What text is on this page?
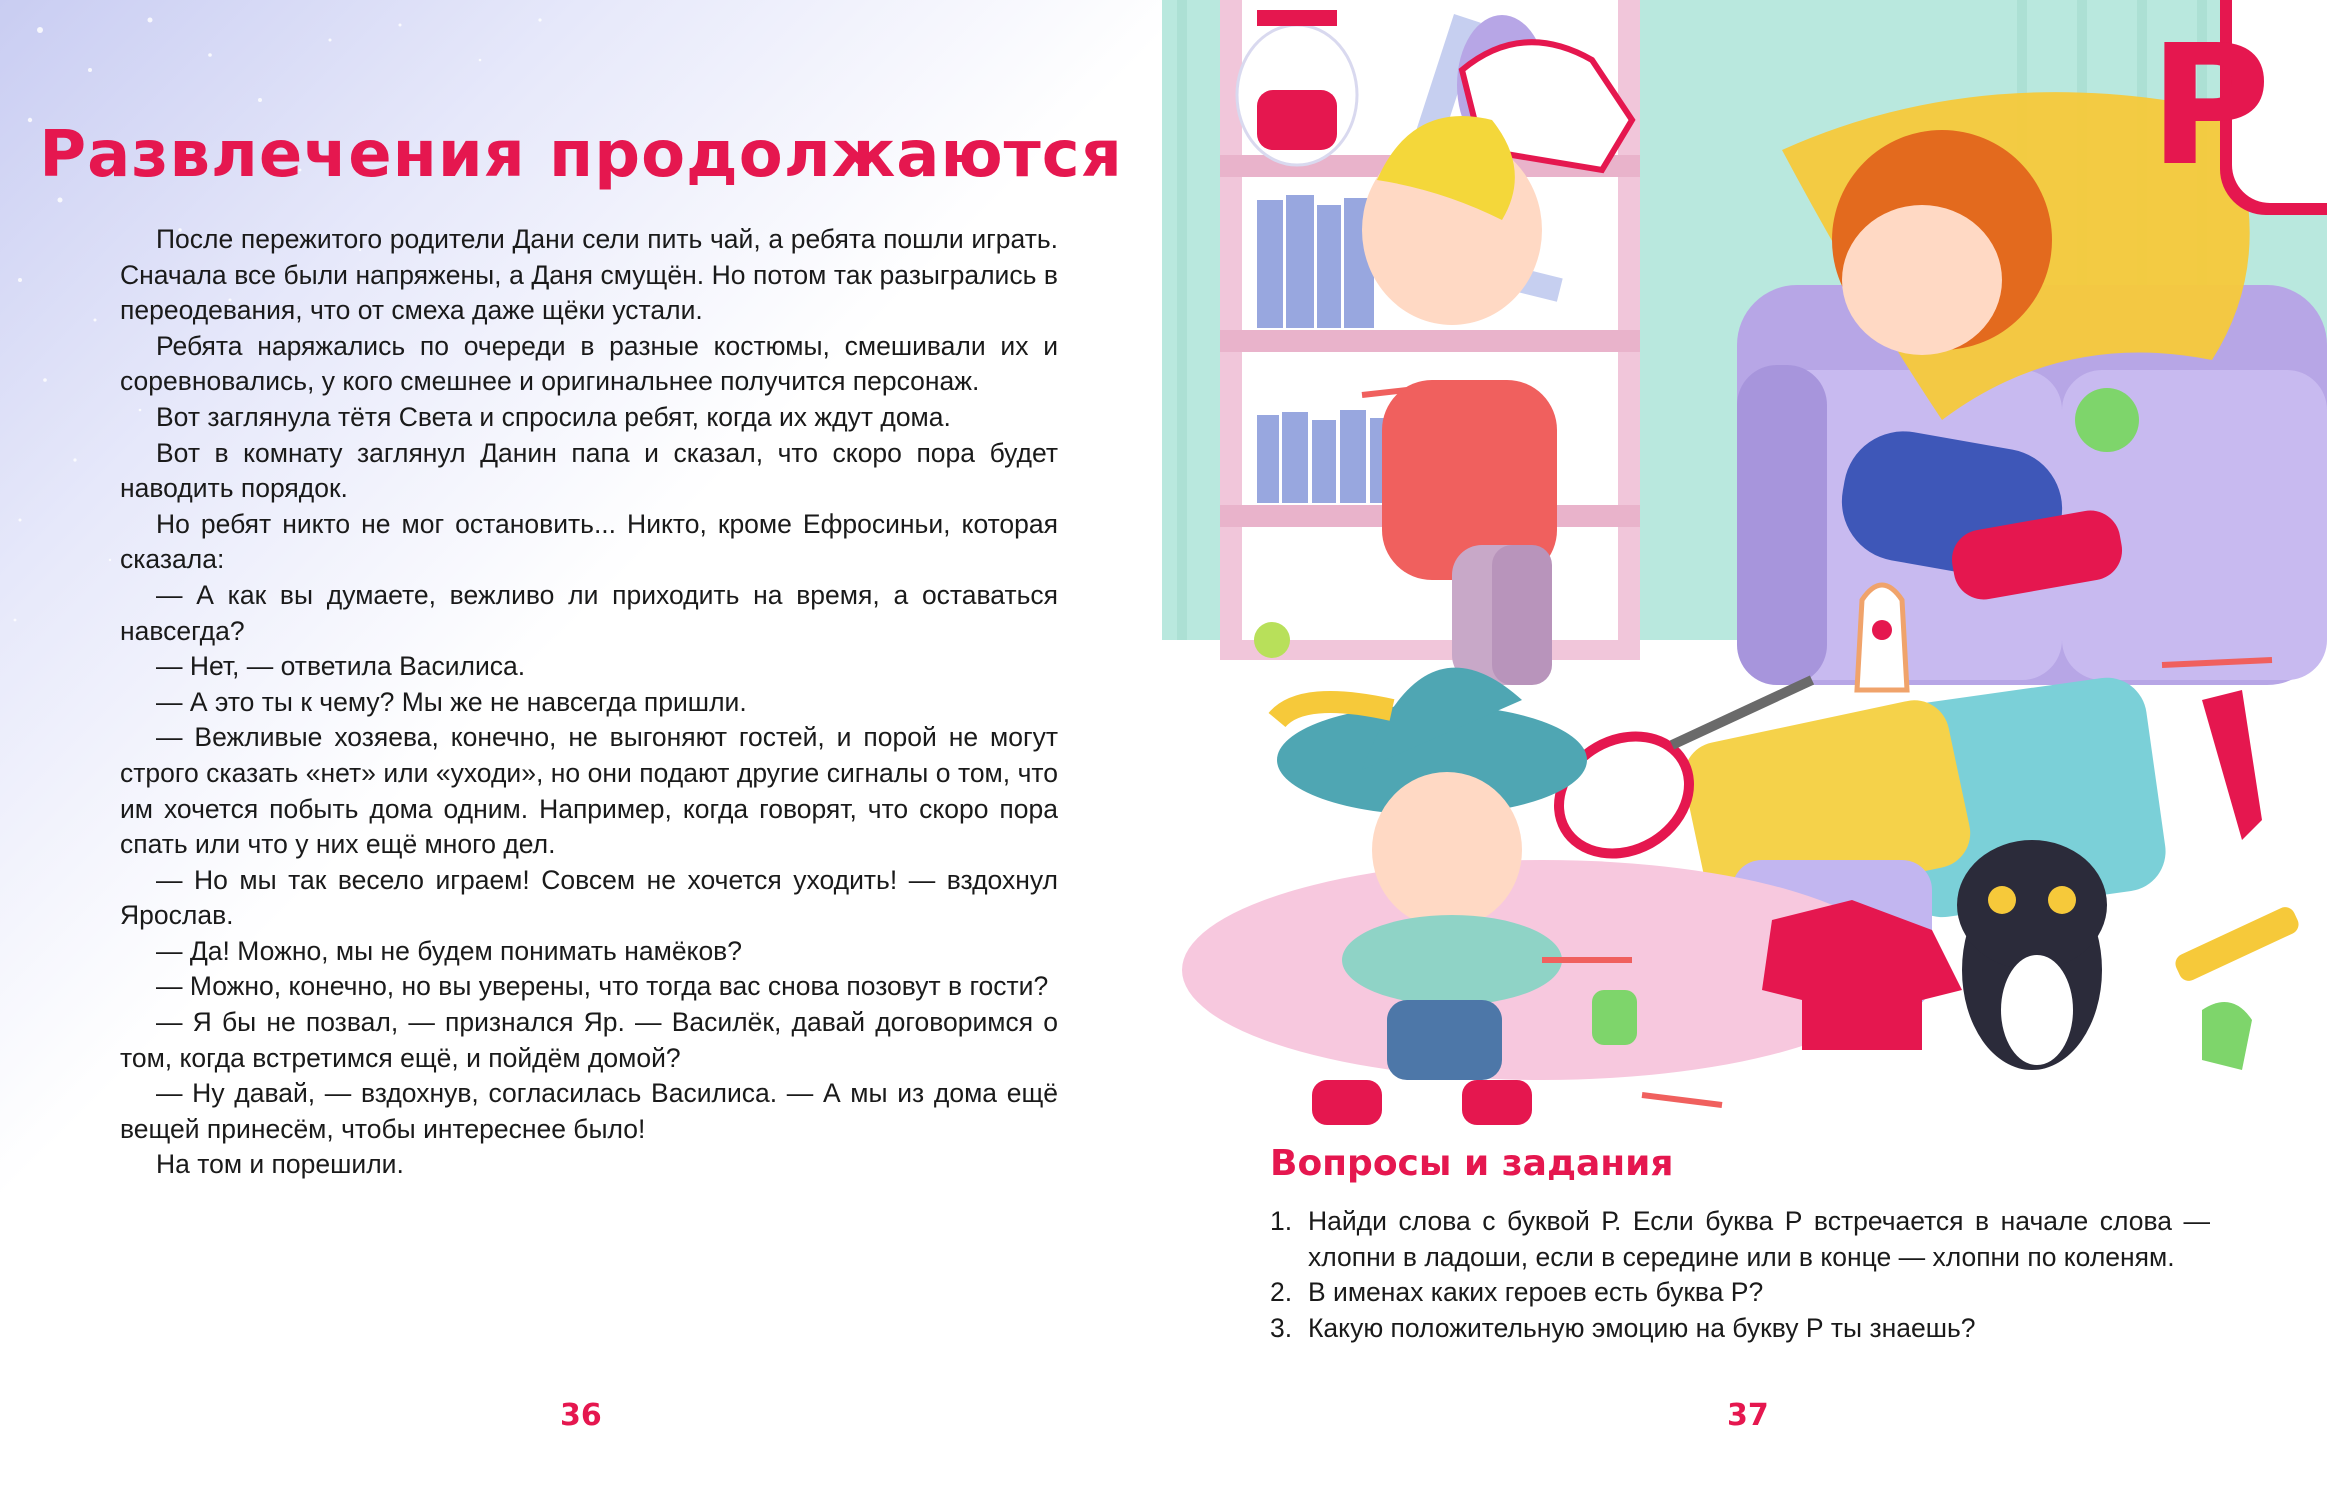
Развлечения продолжаются

После пережитого родители Дани сели пить чай, а ребята пошли играть. Сначала все были напряжены, а Даня смущён. Но потом так разыгрались в переодевания, что от смеха даже щёки устали.

Ребята наряжались по очереди в разные костюмы, смешивали их и соревновались, у кого смешнее и оригинальнее получится персонаж.

Вот заглянула тётя Света и спросила ребят, когда их ждут дома.

Вот в комнату заглянул Данин папа и сказал, что скоро пора будет наводить порядок.

Но ребят никто не мог остановить... Никто, кроме Ефросиньи, которая сказала:

— А как вы думаете, вежливо ли приходить на время, а оставаться навсегда?

— Нет, — ответила Василиса.

— А это ты к чему? Мы же не навсегда пришли.

— Вежливые хозяева, конечно, не выгоняют гостей, и порой не могут строго сказать «нет» или «уходи», но они подают другие сигналы о том, что им хочется побыть дома одним. Например, когда говорят, что скоро пора спать или что у них ещё много дел.

— Но мы так весело играем! Совсем не хочется уходить! — вздохнул Ярослав.

— Да! Можно, мы не будем понимать намёков?

— Можно, конечно, но вы уверены, что тогда вас снова позовут в гости?

— Я бы не позвал, — признался Яр. — Василёк, давай договоримся о том, когда встретимся ещё, и пойдём домой?

— Ну давай, — вздохнув, согласилась Василиса. — А мы из дома ещё вещей принесём, чтобы интереснее было!

На том и порешили.

Р
Вопросы и задания
1. Найди слова с буквой Р. Если буква Р встречается в начале слова — хлопни в ладоши, если в середине или в конце — хлопни по коленям.
2. В именах каких героев есть буква Р?
3. Какую положительную эмоцию на букву Р ты знаешь?
36	37
